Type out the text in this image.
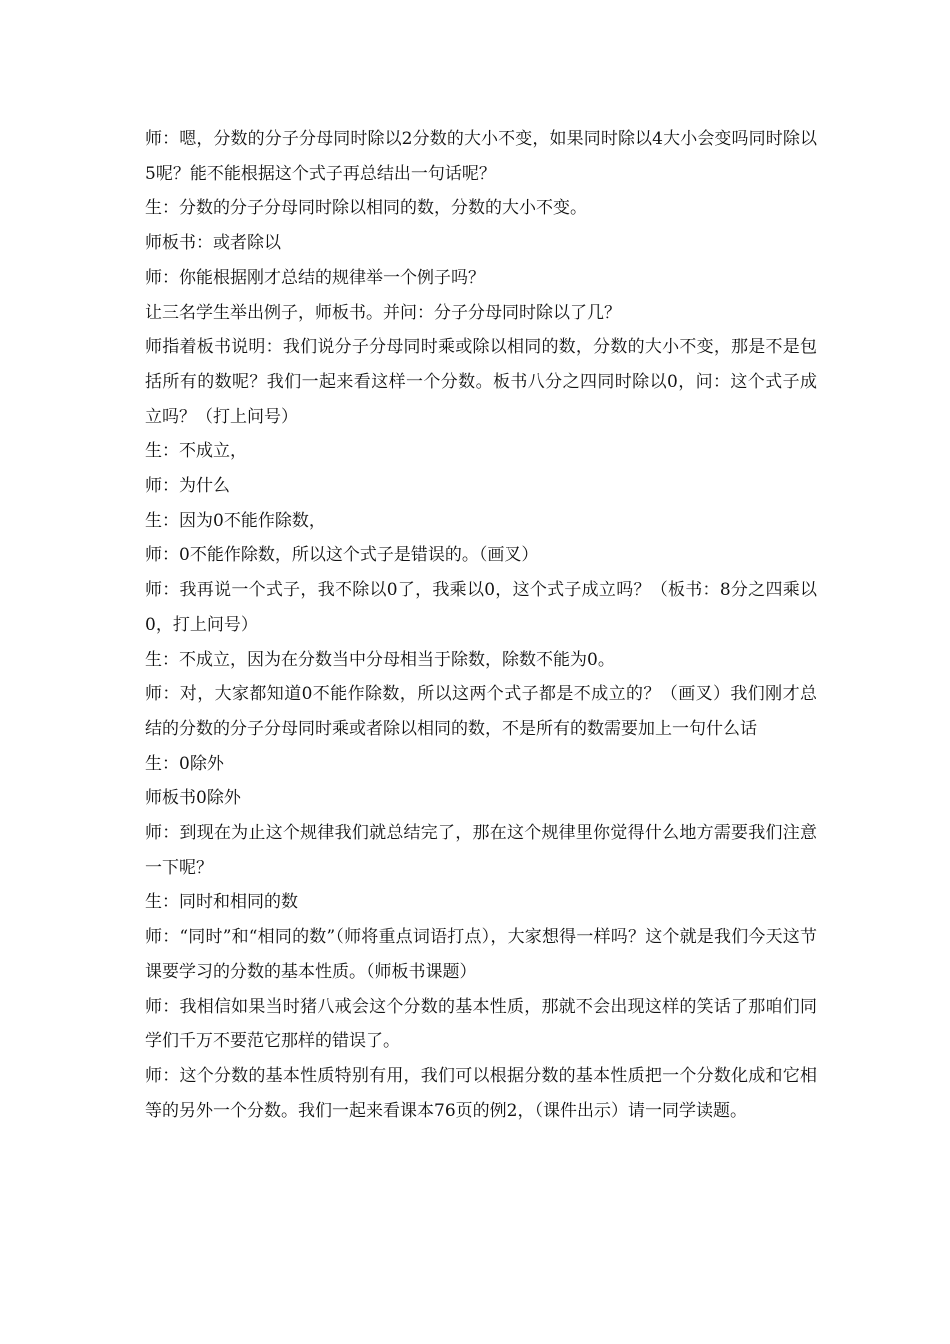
师：嗯，分数的分子分母同时除以2分数的大小不变，如果同时除以4大小会变吗同时除以5呢？能不能根据这个式子再总结出一句话呢？

生：分数的分子分母同时除以相同的数，分数的大小不变。

师板书：或者除以

师：你能根据刚才总结的规律举一个例子吗？

让三名学生举出例子，师板书。并问：分子分母同时除以了几？

师指着板书说明：我们说分子分母同时乘或除以相同的数，分数的大小不变，那是不是包括所有的数呢？我们一起来看这样一个分数。板书八分之四同时除以0，问：这个式子成立吗？（打上问号）

生：不成立，

师：为什么

生：因为0不能作除数，

师：0不能作除数，所以这个式子是错误的。（画叉）

师：我再说一个式子，我不除以0了，我乘以0，这个式子成立吗？（板书：8分之四乘以0，打上问号）

生：不成立，因为在分数当中分母相当于除数，除数不能为0。

师：对，大家都知道0不能作除数，所以这两个式子都是不成立的？（画叉）我们刚才总结的分数的分子分母同时乘或者除以相同的数，不是所有的数需要加上一句什么话

生：0除外

师板书0除外

师：到现在为止这个规律我们就总结完了，那在这个规律里你觉得什么地方需要我们注意一下呢？

生：同时和相同的数

师：“同时”和“相同的数”（师将重点词语打点），大家想得一样吗？这个就是我们今天这节课要学习的分数的基本性质。（师板书课题）

师：我相信如果当时猪八戒会这个分数的基本性质，那就不会出现这样的笑话了那咱们同学们千万不要范它那样的错误了。

师：这个分数的基本性质特别有用，我们可以根据分数的基本性质把一个分数化成和它相等的另外一个分数。我们一起来看课本76页的例2，（课件出示）请一同学读题。
